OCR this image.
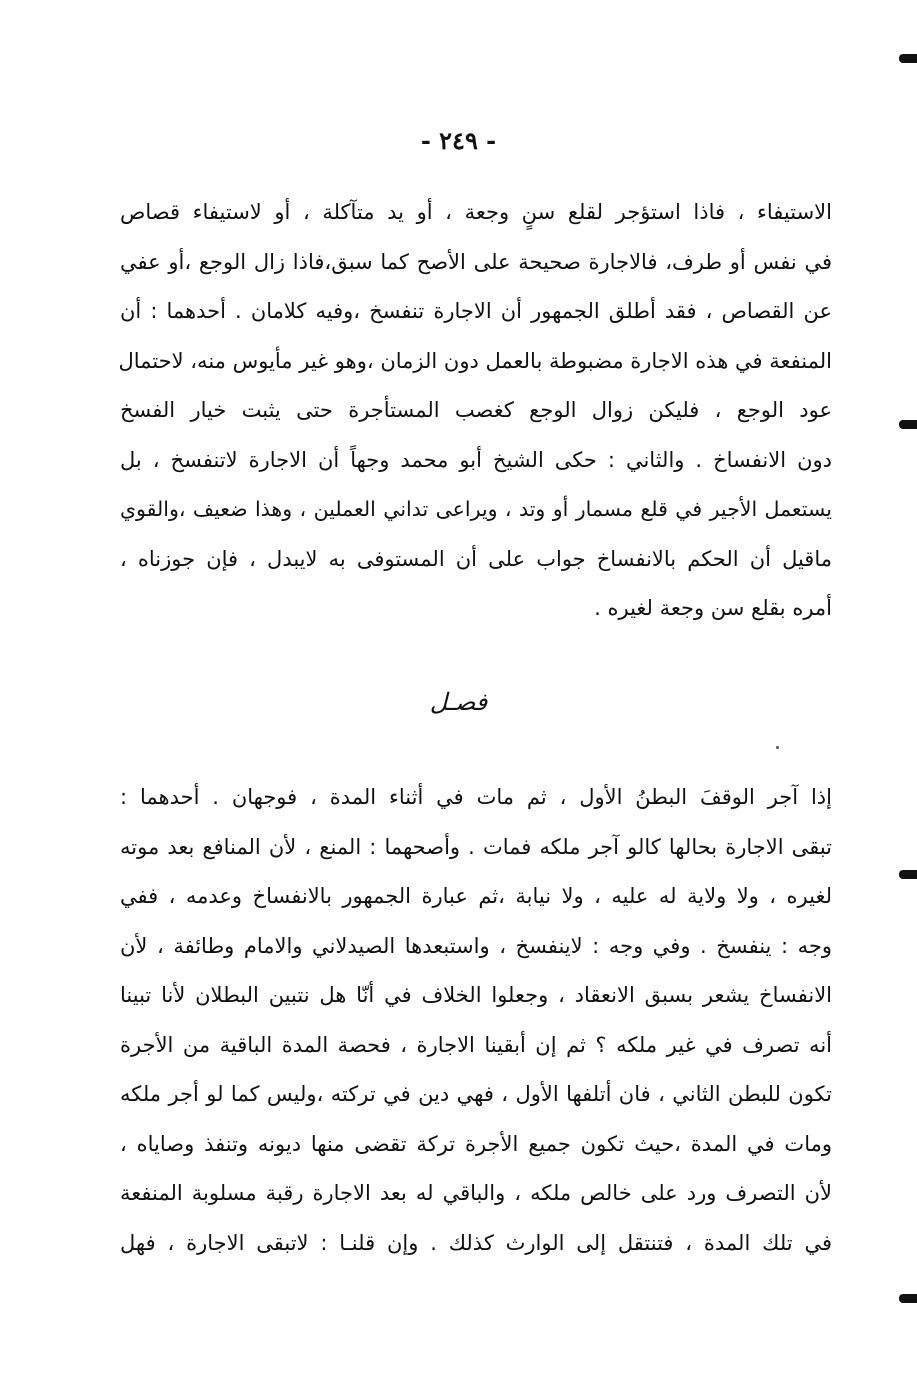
- ٢٤٩ -
الاستيفاء ، فاذا استؤجر لقلع سنٍ وجعة ، أو يد متآكلة ، أو لاستيفاء قصاص
في نفس أو طرف، فالاجارة صحيحة على الأصح كما سبق،فاذا زال الوجع ،أو عفي
عن القصاص ، فقد أطلق الجمهور أن الاجارة تنفسخ ،وفيه كلامان . أحدهما : أن
المنفعة في هذه الاجارة مضبوطة بالعمل دون الزمان ،وهو غير مأيوس منه، لاحتمال
عود الوجع ، فليكن زوال الوجع كغصب المستأجرة حتى يثبت خيار الفسخ
دون الانفساخ . والثاني : حكى الشيخ أبو محمد وجهاً أن الاجارة لاتنفسخ ، بل
يستعمل الأجير في قلع مسمار أو وتد ، ويراعى تداني العملين ، وهذا ضعيف ،والقوي
ماقيل أن الحكم بالانفساخ جواب على أن المستوفى به لايبدل ، فإن جوزناه ،
أمره بقلع سن وجعة لغيره .
فصـل
إذا آجر الوقفَ البطنُ الأول ، ثم مات في أثناء المدة ، فوجهان . أحدهما :
تبقى الاجارة بحالها كالو آجر ملكه فمات . وأصحهما : المنع ، لأن المنافع بعد موته
لغيره ، ولا ولاية له عليه ، ولا نيابة ،ثم عبارة الجمهور بالانفساخ وعدمه ، ففي
وجه : ينفسخ . وفي وجه : لاينفسخ ، واستبعدها الصيدلاني والامام وطائفة ، لأن
الانفساخ يشعر بسبق الانعقاد ، وجعلوا الخلاف في أنّا هل نتبين البطلان لأنا تبينا
أنه تصرف في غير ملكه ؟ ثم إن أبقينا الاجارة ، فحصة المدة الباقية من الأجرة
تكون للبطن الثاني ، فان أتلفها الأول ، فهي دين في تركته ،وليس كما لو أجر ملكه
ومات في المدة ،حيث تكون جميع الأجرة تركة تقضى منها ديونه وتنفذ وصاياه ،
لأن التصرف ورد على خالص ملكه ، والباقي له بعد الاجارة رقبة مسلوبة المنفعة
في تلك المدة ، فتنتقل إلى الوارث كذلك . وإن قلنـا : لاتبقى الاجارة ، فهل
